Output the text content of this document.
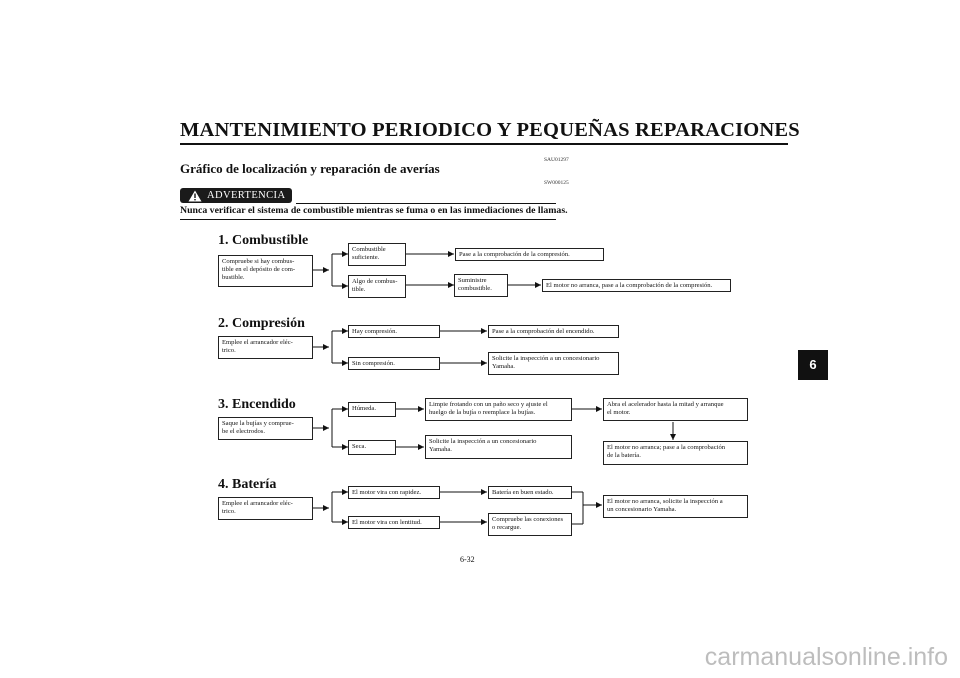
MANTENIMIENTO PERIODICO Y PEQUEÑAS REPARACIONES
SAU01297
Gráfico de localización y reparación de averías
SW000125
ADVERTENCIA
Nunca verificar el sistema de combustible mientras se fuma o en las inmediaciones de llamas.
1. Combustible
Compruebe si hay combus-
tible en el depósito de com-
bustible.
Combustible
suficiente.	Pase a la comprobación de la compresión.
Algo de combus-
tible.
Suministre
combustible.	El motor no arranca, pase a la comprobación de la compresión.
2. Compresión
Emplee el arrancador eléc-
trico.
Hay compresión.	Pase a la comprobación del encendido.
Sin compresión.
Solicite la inspección a un concesionario
Yamaha.
3. Encendido
Saque la bujías y comprue-
be el electrodos.
Húmeda.
Limpie frotando con un paño seco y ajuste el
huelgo de la bujía o reemplace la bujías.
Abra el acelerador hasta la mitad y arranque
el motor.
El motor no arranca; pase a la comprobación
de la batería.
Seca.
Solicite la inspección a un concesionario
Yamaha.
4. Batería
Emplee el arrancador eléc-
trico.
El motor vira con rapidez.	Batería en buen estado.
El motor vira con lentitud.	Compruebe las conexiones
o recargue.
El motor no arranca, solicite la inspección a
un concesionario Yamaha.
6
6-32
carmanualsonline.info
